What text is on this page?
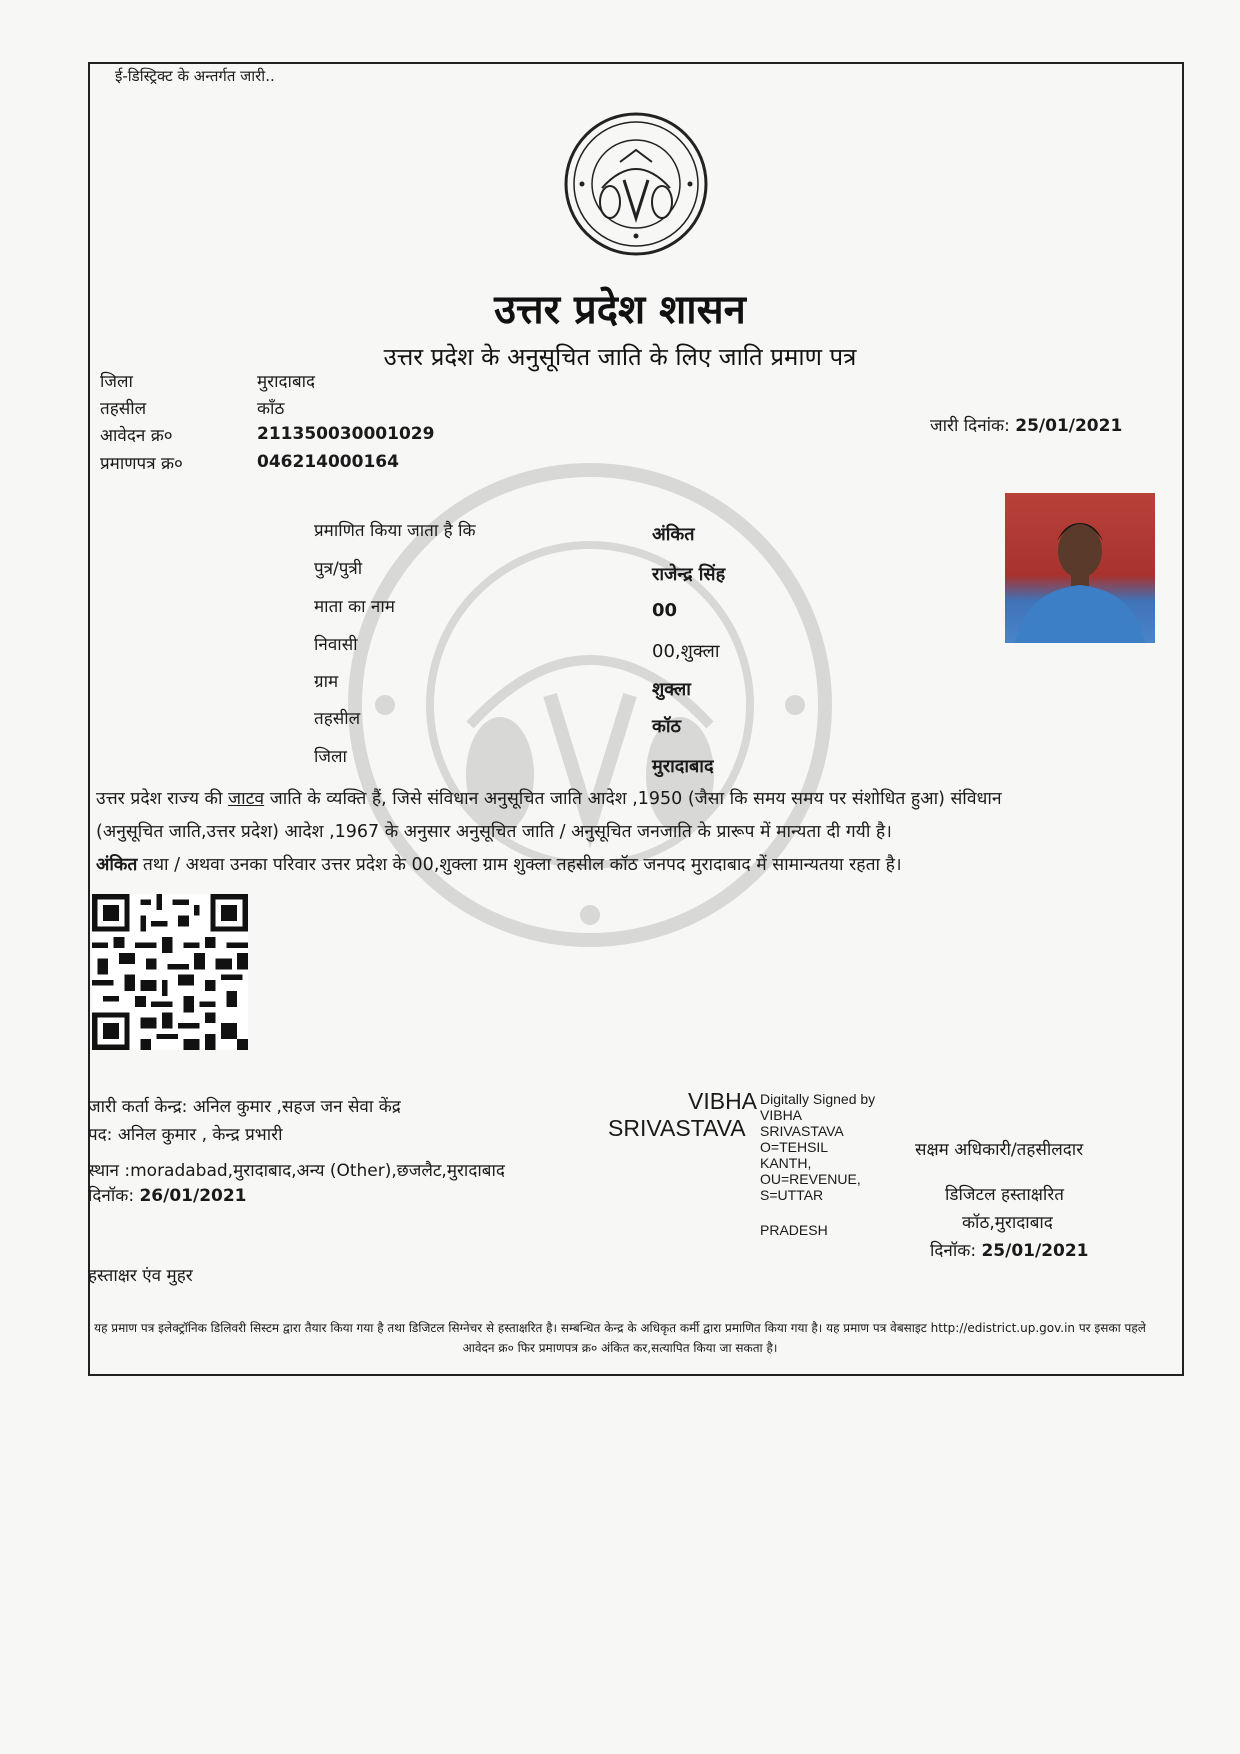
ई-डिस्ट्रिक्ट के अन्तर्गत जारी..
उत्तर प्रदेश शासन
उत्तर प्रदेश के अनुसूचित जाति के लिए जाति प्रमाण पत्र
जिला	मुरादाबाद
तहसील	कॉंठ
आवेदन क्र०	211350030001029
प्रमाणपत्र क्र०	046214000164
जारी दिनांक: 25/01/2021
प्रमाणित किया जाता है कि	अंकित
पुत्र/पुत्री	राजेन्द्र सिंह
माता का नाम	00
निवासी	00,शुक्ला
ग्राम	शुक्ला
तहसील	कॉठ
जिला	मुरादाबाद
उत्तर प्रदेश राज्य की जाटव जाति के व्यक्ति हैं, जिसे संविधान अनुसूचित जाति आदेश ,1950 (जैसा कि समय समय पर संशोधित हुआ) संविधान
(अनुसूचित जाति,उत्तर प्रदेश) आदेश ,1967 के अनुसार अनुसूचित जाति / अनुसूचित जनजाति के प्रारूप में मान्यता दी गयी है।
अंकित तथा / अथवा उनका परिवार उत्तर प्रदेश के 00,शुक्ला ग्राम शुक्ला तहसील कॉठ जनपद मुरादाबाद में सामान्यतया रहता है।
जारी कर्ता केन्द्र: अनिल कुमार ,सहज जन सेवा केंद्र
पद: अनिल कुमार , केन्द्र प्रभारी
स्थान :moradabad,मुरादाबाद,अन्य (Other),छजलैट,मुरादाबाद
दिनॉक: 26/01/2021
VIBHA
SRIVASTAVA
Digitally Signed by
VIBHA
SRIVASTAVA
O=TEHSIL
KANTH,
OU=REVENUE,
S=UTTAR
PRADESH
सक्षम अधिकारी/तहसीलदार
डिजिटल हस्ताक्षरित
कॉठ,मुरादाबाद
दिनॉक: 25/01/2021
हस्ताक्षर एंव मुहर
यह प्रमाण पत्र इलेक्ट्रॉनिक डिलिवरी सिस्टम द्वारा तैयार किया गया है तथा डिजिटल सिग्नेचर से हस्ताक्षरित है। सम्बन्धित केन्द्र के अधिकृत कर्मी द्वारा प्रमाणित किया गया है। यह प्रमाण पत्र वेबसाइट http://edistrict.up.gov.in पर इसका पहले आवेदन क्र० फिर प्रमाणपत्र क्र० अंकित कर,सत्यापित किया जा सकता है।
